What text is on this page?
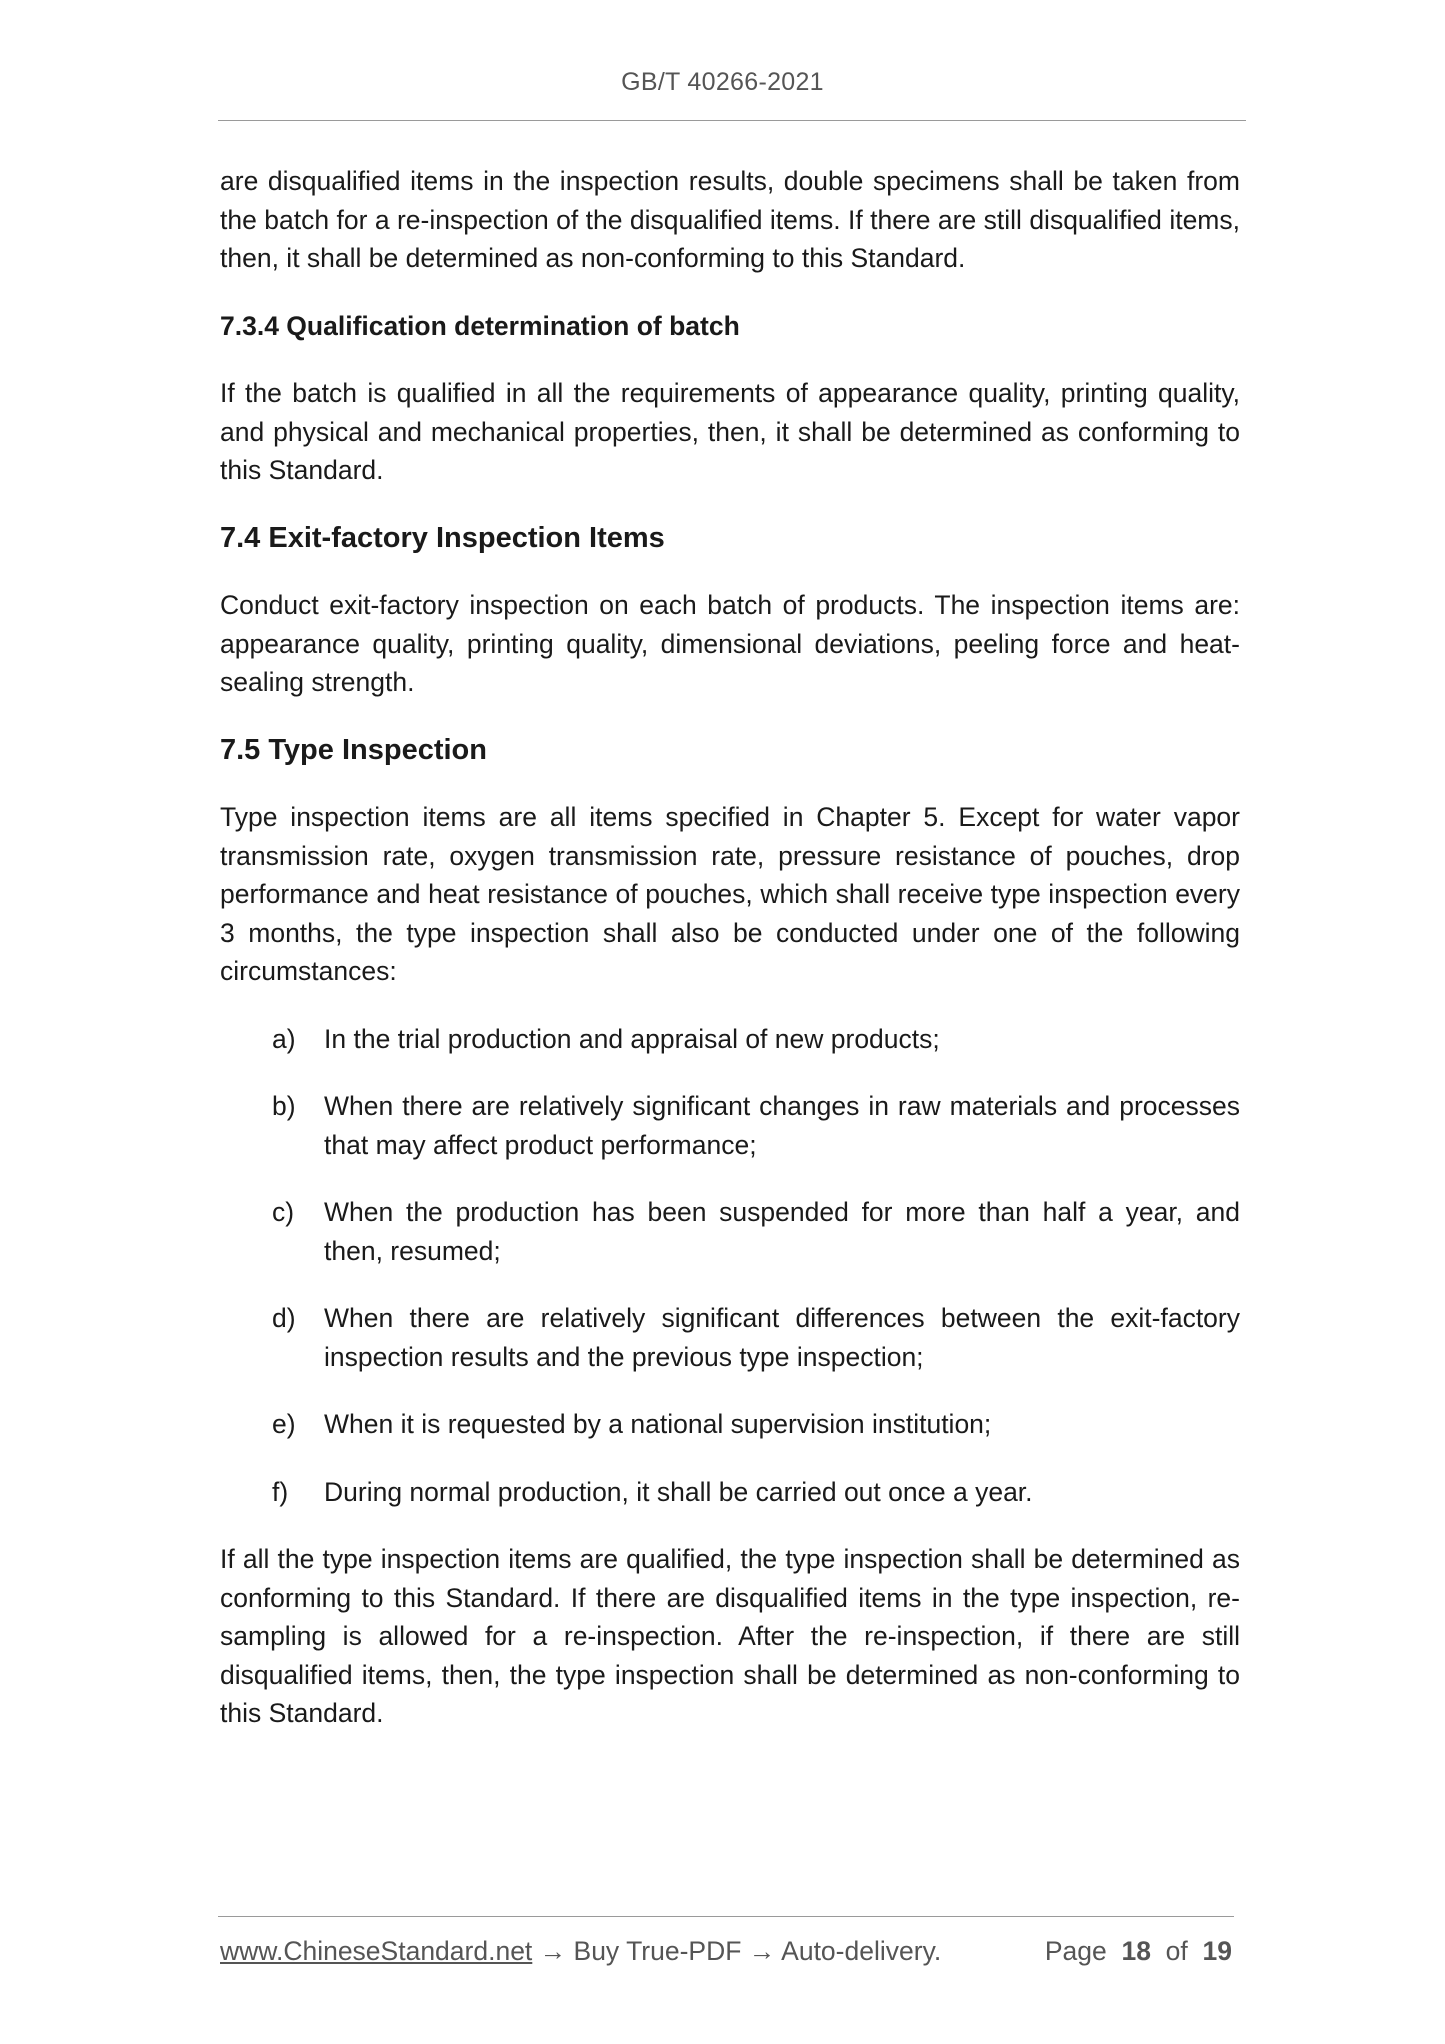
GB/T 40266-2021

are disqualified items in the inspection results, double specimens shall be taken from the batch for a re-inspection of the disqualified items. If there are still disqualified items, then, it shall be determined as non-conforming to this Standard.

7.3.4 Qualification determination of batch

If the batch is qualified in all the requirements of appearance quality, printing quality, and physical and mechanical properties, then, it shall be determined as conforming to this Standard.

7.4 Exit-factory Inspection Items

Conduct exit-factory inspection on each batch of products. The inspection items are: appearance quality, printing quality, dimensional deviations, peeling force and heat-sealing strength.

7.5 Type Inspection

Type inspection items are all items specified in Chapter 5. Except for water vapor transmission rate, oxygen transmission rate, pressure resistance of pouches, drop performance and heat resistance of pouches, which shall receive type inspection every 3 months, the type inspection shall also be conducted under one of the following circumstances:

a)	In the trial production and appraisal of new products;
b)	When there are relatively significant changes in raw materials and processes that may affect product performance;
c)	When the production has been suspended for more than half a year, and then, resumed;
d)	When there are relatively significant differences between the exit-factory inspection results and the previous type inspection;
e)	When it is requested by a national supervision institution;
f)	During normal production, it shall be carried out once a year.

If all the type inspection items are qualified, the type inspection shall be determined as conforming to this Standard. If there are disqualified items in the type inspection, re-sampling is allowed for a re-inspection. After the re-inspection, if there are still disqualified items, then, the type inspection shall be determined as non-conforming to this Standard.

www.ChineseStandard.net → Buy True-PDF → Auto-delivery.	Page 18 of 19
